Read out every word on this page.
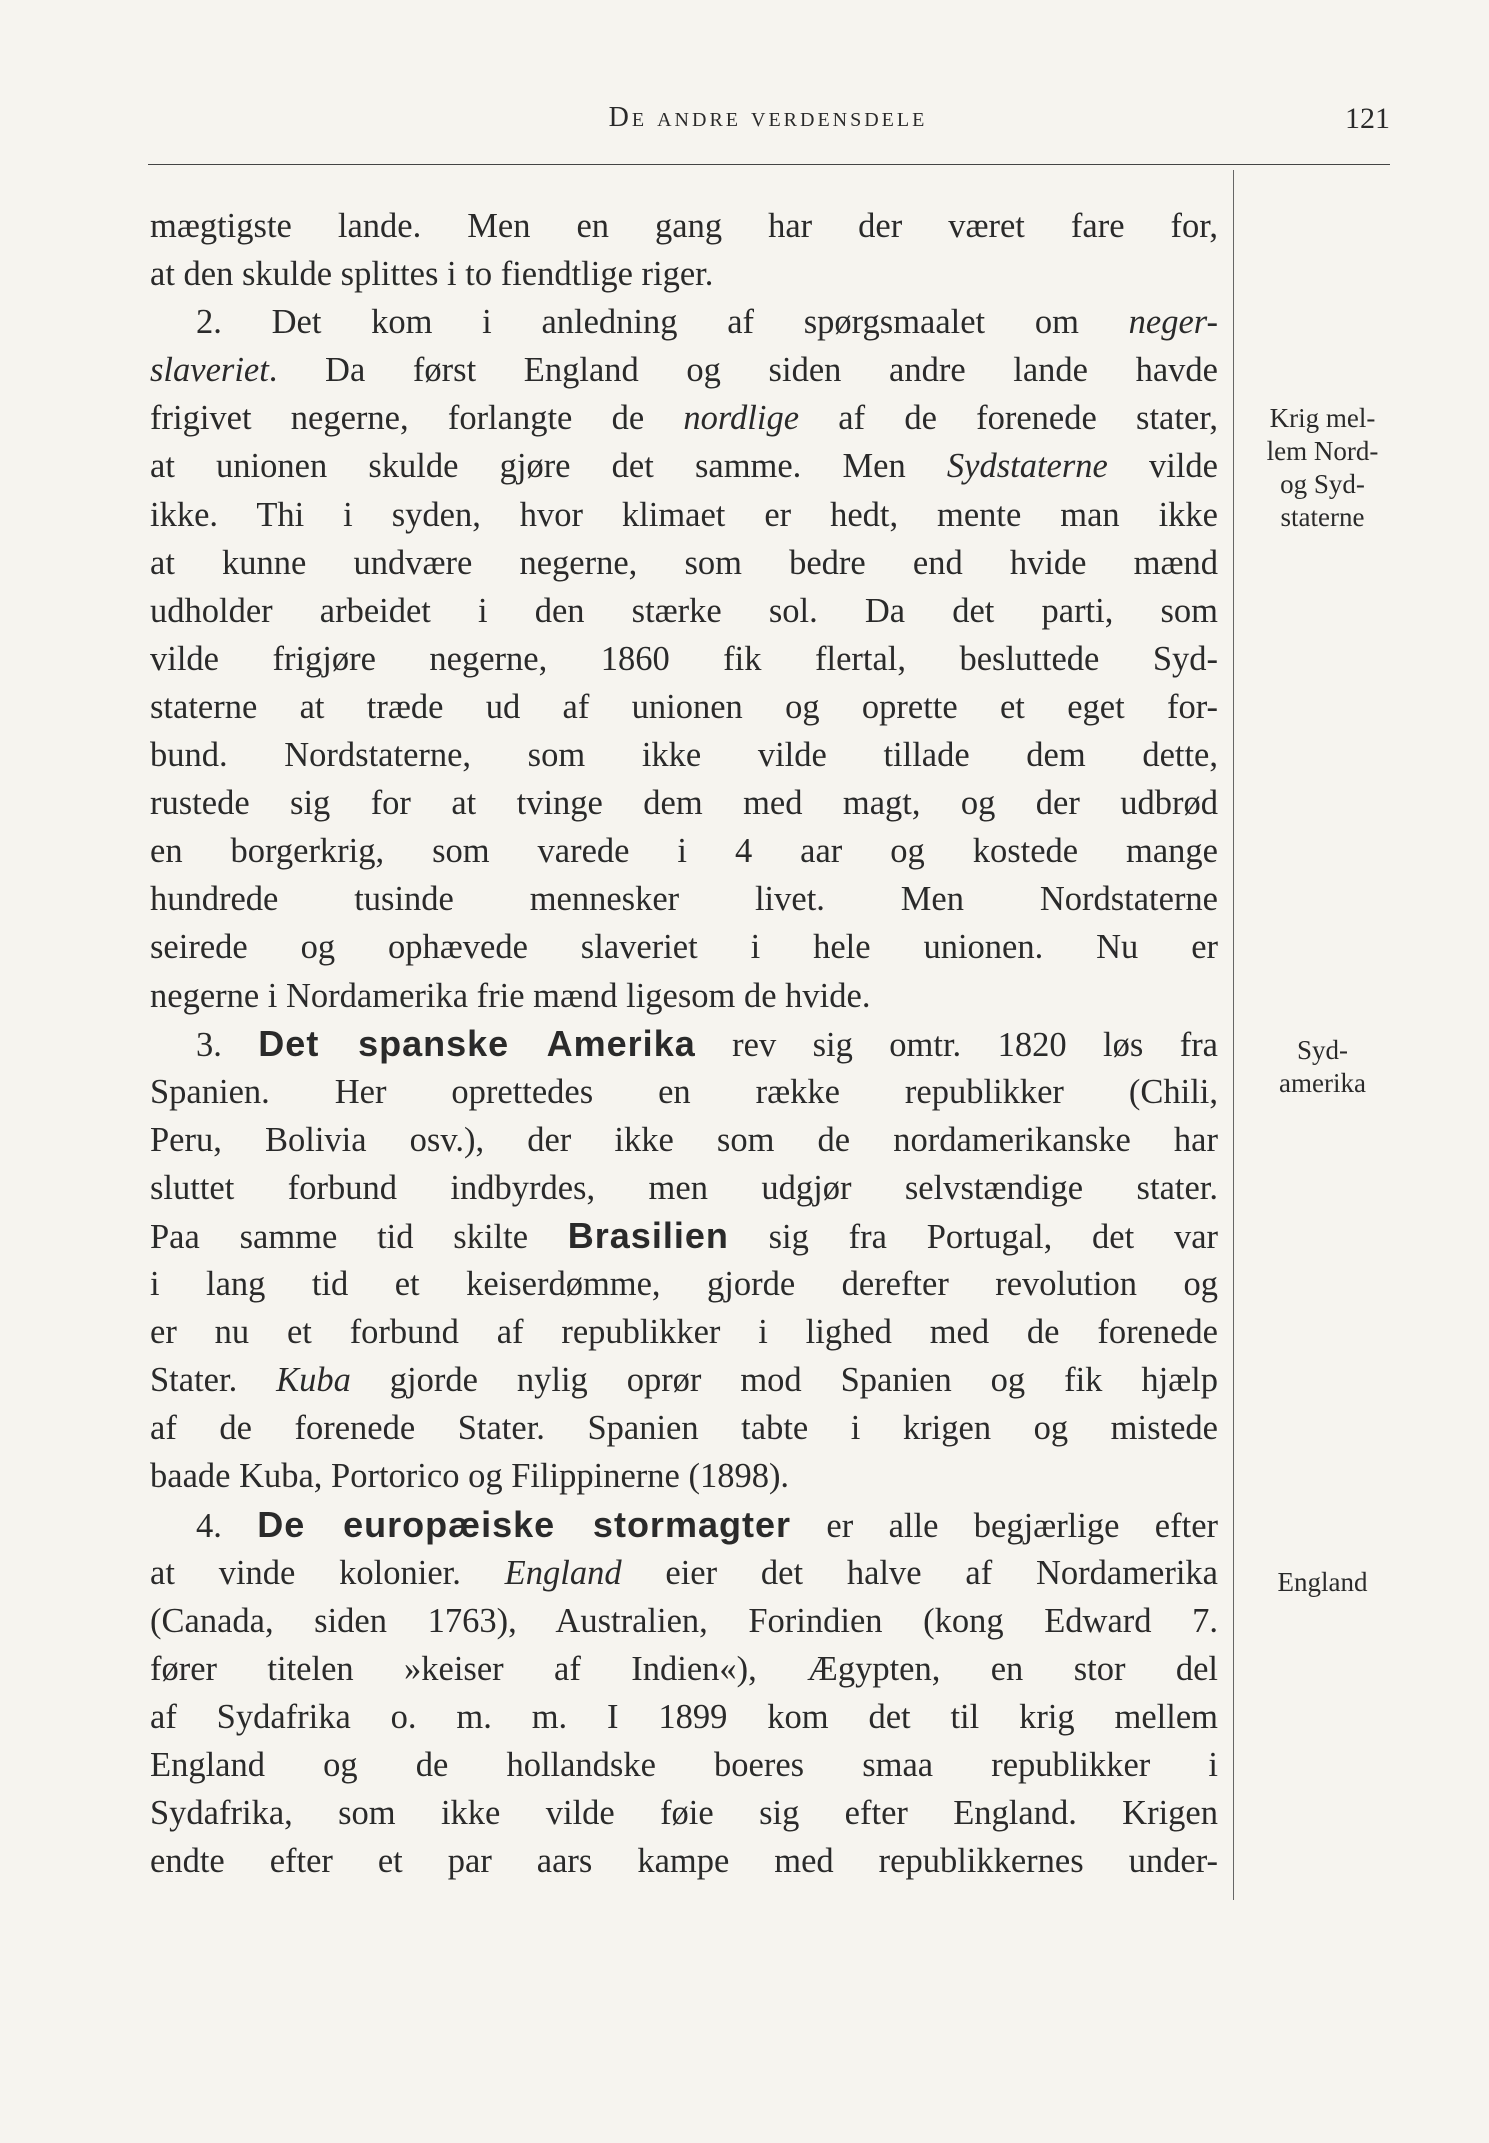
De andre verdensdele	121
mægtigste lande. Men en gang har der været fare for,
at den skulde splittes i to fiendtlige riger.
2. Det kom i anledning af spørgsmaalet om neger-
slaveriet. Da først England og siden andre lande havde
frigivet negerne, forlangte de nordlige af de forenede stater,
at unionen skulde gjøre det samme. Men Sydstaterne vilde
ikke. Thi i syden, hvor klimaet er hedt, mente man ikke
at kunne undvære negerne, som bedre end hvide mænd
udholder arbeidet i den stærke sol. Da det parti, som
vilde frigjøre negerne, 1860 fik flertal, besluttede Syd-
staterne at træde ud af unionen og oprette et eget for-
bund. Nordstaterne, som ikke vilde tillade dem dette,
rustede sig for at tvinge dem med magt, og der udbrød
en borgerkrig, som varede i 4 aar og kostede mange
hundrede tusinde mennesker livet. Men Nordstaterne
seirede og ophævede slaveriet i hele unionen. Nu er
negerne i Nordamerika frie mænd ligesom de hvide.
3. Det spanske Amerika rev sig omtr. 1820 løs fra
Spanien. Her oprettedes en række republikker (Chili,
Peru, Bolivia osv.), der ikke som de nordamerikanske har
sluttet forbund indbyrdes, men udgjør selvstændige stater.
Paa samme tid skilte Brasilien sig fra Portugal, det var
i lang tid et keiserdømme, gjorde derefter revolution og
er nu et forbund af republikker i lighed med de forenede
Stater. Kuba gjorde nylig oprør mod Spanien og fik hjælp
af de forenede Stater. Spanien tabte i krigen og mistede
baade Kuba, Portorico og Filippinerne (1898).
4. De europæiske stormagter er alle begjærlige efter
at vinde kolonier. England eier det halve af Nordamerika
(Canada, siden 1763), Australien, Forindien (kong Edward 7.
fører titelen »keiser af Indien«), Ægypten, en stor del
af Sydafrika o. m. m. I 1899 kom det til krig mellem
England og de hollandske boeres smaa republikker i
Sydafrika, som ikke vilde føie sig efter England. Krigen
endte efter et par aars kampe med republikkernes under-
Krig mel-
lem Nord-
og Syd-
staterne
Syd-
amerika
England
